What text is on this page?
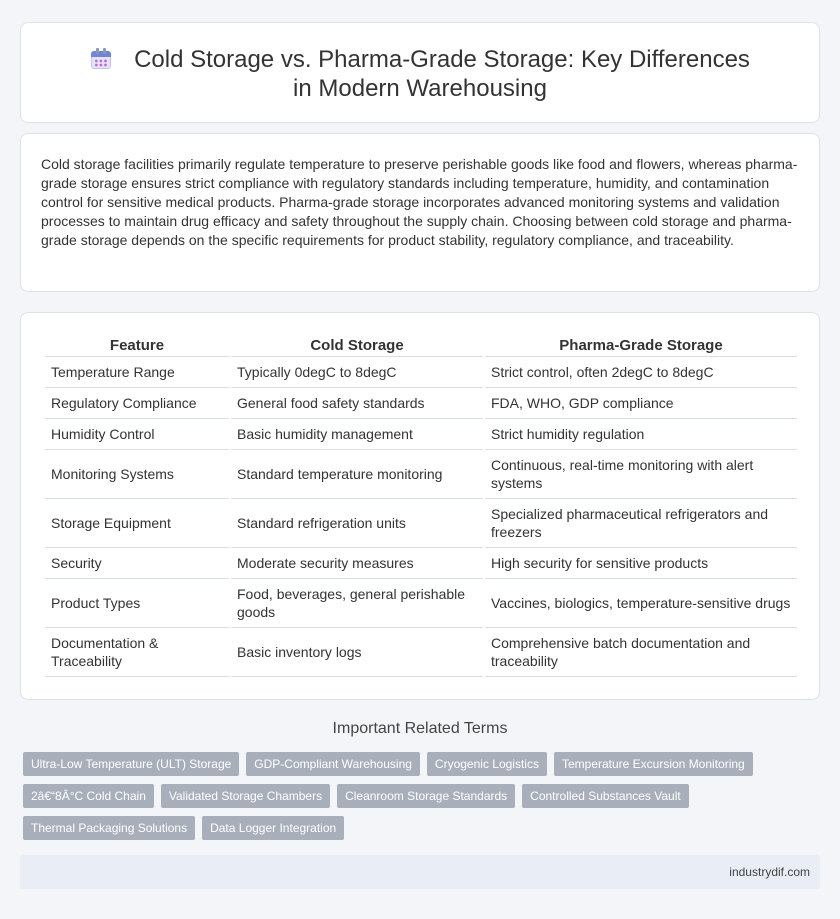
Cold Storage vs. Pharma-Grade Storage: Key Differences in Modern Warehousing

Cold storage facilities primarily regulate temperature to preserve perishable goods like food and flowers, whereas pharma-grade storage ensures strict compliance with regulatory standards including temperature, humidity, and contamination control for sensitive medical products. Pharma-grade storage incorporates advanced monitoring systems and validation processes to maintain drug efficacy and safety throughout the supply chain. Choosing between cold storage and pharma-grade storage depends on the specific requirements for product stability, regulatory compliance, and traceability.

Feature	Cold Storage	Pharma-Grade Storage
Temperature Range	Typically 0degC to 8degC	Strict control, often 2degC to 8degC
Regulatory Compliance	General food safety standards	FDA, WHO, GDP compliance
Humidity Control	Basic humidity management	Strict humidity regulation
Monitoring Systems	Standard temperature monitoring	Continuous, real-time monitoring with alert systems
Storage Equipment	Standard refrigeration units	Specialized pharmaceutical refrigerators and freezers
Security	Moderate security measures	High security for sensitive products
Product Types	Food, beverages, general perishable goods	Vaccines, biologics, temperature-sensitive drugs
Documentation & Traceability	Basic inventory logs	Comprehensive batch documentation and traceability
Important Related Terms
Ultra-Low Temperature (ULT) Storage	GDP-Compliant Warehousing	Cryogenic Logistics	Temperature Excursion Monitoring
2â€“8Â°C Cold Chain	Validated Storage Chambers	Cleanroom Storage Standards	Controlled Substances Vault
Thermal Packaging Solutions	Data Logger Integration
industrydif.com
